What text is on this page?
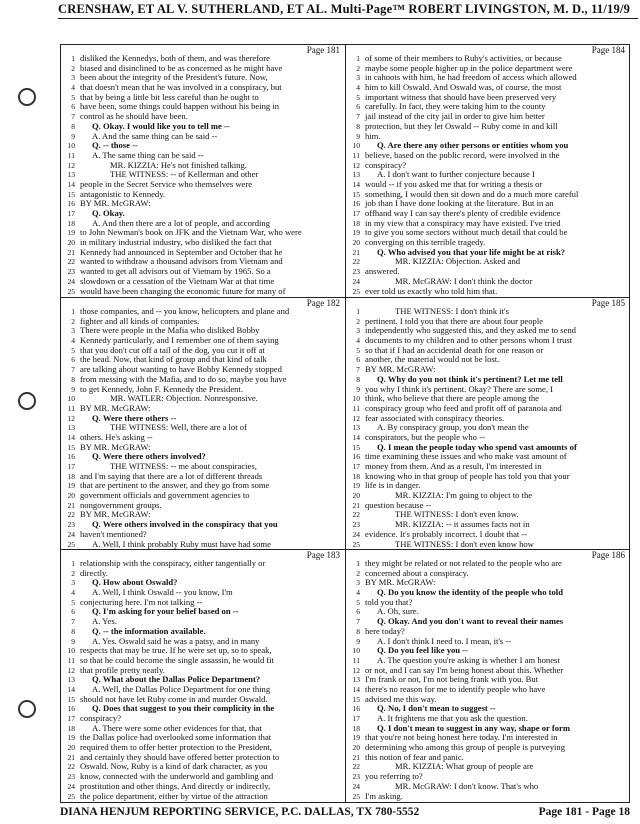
CRENSHAW, ET AL V. SUTHERLAND, ET AL. Multi-Page™ ROBERT LIVINGSTON, M. D., 11/19/9
Page 181
1 disliked the Kennedys, both of them, and was therefore
2 biased and disinclined to be as concerned as he might have
3 been about the integrity of the President's future. Now,
4 that doesn't mean that he was involved in a conspiracy, but
5 that by being a little bit less careful than he ought to
6 have been, some things could happen without his being in
7 control as he should have been.
8 Q. Okay. I would like you to tell me --
9 A. And the same thing can be said --
10 Q. -- those --
11 A. The same thing can be said --
12	MR. KIZZIA: He's not finished talking.
13	THE WITNESS: -- of Kellerman and other
14 people in the Secret Service who themselves were
15 antagonistic to Kennedy.
16 BY MR. McGRAW:
17 Q. Okay.
18 A. And then there are a lot of people, and according
19 to John Newman's book on JFK and the Vietnam War, who were
20 in military industrial industry, who disliked the fact that
21 Kennedy had announced in September and October that he
22 wanted to withdraw a thousand advisors from Vietnam and
23 wanted to get all advisors out of Vietnam by 1965. So a
24 slowdown or a cessation of the Vietnam War at that time
25 would have been changing the economic future for many of
Page 184
1 of some of their members to Ruby's activities, or because
2 maybe some people higher up in the police department were
3 in cahoots with him, he had freedom of access which allowed
4 him to kill Oswald. And Oswald was, of course, the most
5 important witness that should have been preserved very
6 carefully. In fact, they were taking him to the county
7 jail instead of the city jail in order to give him better
8 protection, but they let Oswald -- Ruby come in and kill
9 him.
10 Q. Are there any other persons or entities whom you
11 believe, based on the public record, were involved in the
12 conspiracy?
13 A. I don't want to further conjecture because I
14 would -- if you asked me that for writing a thesis or
15 something, I would then sit down and do a much more careful
16 job than I have done looking at the literature. But in an
17 offhand way I can say there's plenty of credible evidence
18 in my view that a conspiracy may have existed. I've tried
19 to give you some sectors without much detail that could be
20 converging on this terrible tragedy.
21 Q. Who advised you that your life might be at risk?
22	MR. KIZZIA: Objection. Asked and
23 answered.
24	MR. McGRAW: I don't think the doctor
25 ever told us exactly who told him that.
Page 182
1 those companies, and -- you know, helicopters and plane and
2 fighter and all kinds of companies.
3 There were people in the Mafia who disliked Bobby
4 Kennedy particularly, and I remember one of them saying
5 that you don't cut off a tail of the dog, you cut it off at
6 the head. Now, that kind of group and that kind of talk
7 are talking about wanting to have Bobby Kennedy stopped
8 from messing with the Mafia, and to do so, maybe you have
9 to get Kennedy, John F. Kennedy the President.
10	MR. WATLER: Objection. Nonresponsive.
11 BY MR. McGRAW:
12 Q. Were there others --
13	THE WITNESS: Well, there are a lot of
14 others. He's asking --
15 BY MR. McGRAW:
16 Q. Were there others involved?
17	THE WITNESS: -- me about conspiracies,
18 and I'm saying that there are a lot of different threads
19 that are pertinent to the answer, and they go from some
20 government officials and government agencies to
21 nongovernment groups.
22 BY MR. McGRAW:
23 Q. Were others involved in the conspiracy that you
24 haven't mentioned?
25 A. Well, I think probably Ruby must have had some
Page 185
1	THE WITNESS: I don't think it's
2 pertinent. I told you that there are about four people
3 independently who suggested this, and they asked me to send
4 documents to my children and to other persons whom I trust
5 so that if I had an accidental death for one reason or
6 another, the material would not be lost.
7 BY MR. McGRAW:
8 Q. Why do you not think it's pertinent? Let me tell
9 you why I think it's pertinent. Okay? There are some, I
10 think, who believe that there are people among the
11 conspiracy group who feed and profit off of paranoia and
12 fear associated with conspiracy theories.
13 A. By conspiracy group, you don't mean the
14 conspirators, but the people who --
15 Q. I mean the people today who spend vast amounts of
16 time examining these issues and who make vast amount of
17 money from them. And as a result, I'm interested in
18 knowing who in that group of people has told you that your
19 life is in danger.
20	MR. KIZZIA: I'm going to object to the
21 question because --
22	THE WITNESS: I don't even know.
23	MR. KIZZIA: -- it assumes facts not in
24 evidence. It's probably incorrect. I doubt that --
25	THE WITNESS: I don't even know how
Page 183
1 relationship with the conspiracy, either tangentially or
2 directly.
3 Q. How about Oswald?
4 A. Well, I think Oswald -- you know, I'm
5 conjecturing here. I'm not talking --
6 Q. I'm asking for your belief based on --
7 A. Yes.
8 Q. -- the information available.
9 A. Yes. Oswald said he was a patsy, and in many
10 respects that may be true. If he were set up, so to speak,
11 so that he could become the single assassin, he would fit
12 that profile pretty neatly.
13 Q. What about the Dallas Police Department?
14 A. Well, the Dallas Police Department for one thing
15 should not have let Ruby come in and murder Oswald.
16 Q. Does that suggest to you their complicity in the
17 conspiracy?
18 A. There were some other evidences for that, that
19 the Dallas police had overlooked some information that
20 required them to offer better protection to the President,
21 and certainly they should have offered better protection to
22 Oswald. Now, Ruby is a kind of dark character, as you
23 know, connected with the underworld and gambling and
24 prostitution and other things. And directly or indirectly,
25 the police department, either by virtue of the attraction
Page 186
1 they might be related or not related to the people who are
2 concerned about a conspiracy.
3 BY MR. McGRAW:
4 Q. Do you know the identity of the people who told
5 told you that?
6 A. Oh, sure.
7 Q. Okay. And you don't want to reveal their names
8 here today?
9 A. I don't think I need to. I mean, it's --
10 Q. Do you feel like you --
11 A. The question you're asking is whether I am honest
12 or not, and I can say I'm being honest about this. Whether
13 I'm frank or not, I'm not being frank with you. But
14 there's no reason for me to identify people who have
15 advised me this way.
16 Q. No, I don't mean to suggest --
17 A. It frightens me that you ask the question.
18 Q. I don't mean to suggest in any way, shape or form
19 that you're not being honest here today. I'm interested in
20 determining who among this group of people is purveying
21 this notion of fear and panic.
22	MR. KIZZIA: What group of people are
23 you referring to?
24	MR. McGRAW: I don't know. That's who
25 I'm asking.
DIANA HENJUM REPORTING SERVICE, P.C. DALLAS, TX 780-5552	Page 181 - Page 18
